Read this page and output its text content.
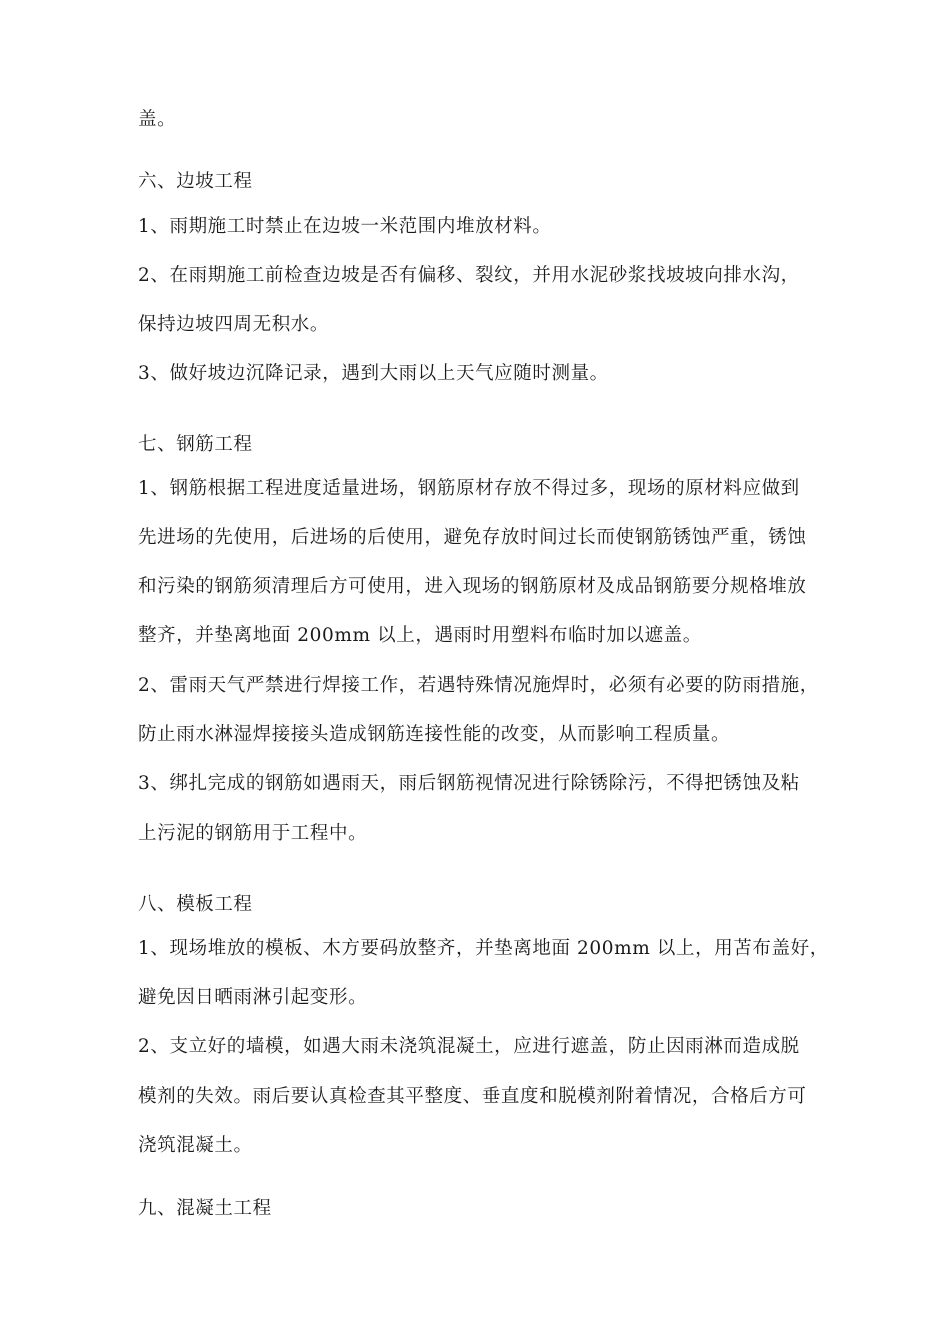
盖。
六、边坡工程
1、雨期施工时禁止在边坡一米范围内堆放材料。
2、在雨期施工前检查边坡是否有偏移、裂纹，并用水泥砂浆找坡坡向排水沟，
保持边坡四周无积水。
3、做好坡边沉降记录，遇到大雨以上天气应随时测量。
七、钢筋工程
1、钢筋根据工程进度适量进场，钢筋原材存放不得过多，现场的原材料应做到
先进场的先使用，后进场的后使用，避免存放时间过长而使钢筋锈蚀严重，锈蚀
和污染的钢筋须清理后方可使用，进入现场的钢筋原材及成品钢筋要分规格堆放
整齐，并垫离地面 200mm 以上，遇雨时用塑料布临时加以遮盖。
2、雷雨天气严禁进行焊接工作，若遇特殊情况施焊时，必须有必要的防雨措施，
防止雨水淋湿焊接接头造成钢筋连接性能的改变，从而影响工程质量。
3、绑扎完成的钢筋如遇雨天，雨后钢筋视情况进行除锈除污，不得把锈蚀及粘
上污泥的钢筋用于工程中。
八、模板工程
1、现场堆放的模板、木方要码放整齐，并垫离地面 200mm 以上，用苫布盖好，
避免因日晒雨淋引起变形。
2、支立好的墙模，如遇大雨未浇筑混凝土，应进行遮盖，防止因雨淋而造成脱
模剂的失效。雨后要认真检查其平整度、垂直度和脱模剂附着情况，合格后方可
浇筑混凝土。
九、混凝土工程
